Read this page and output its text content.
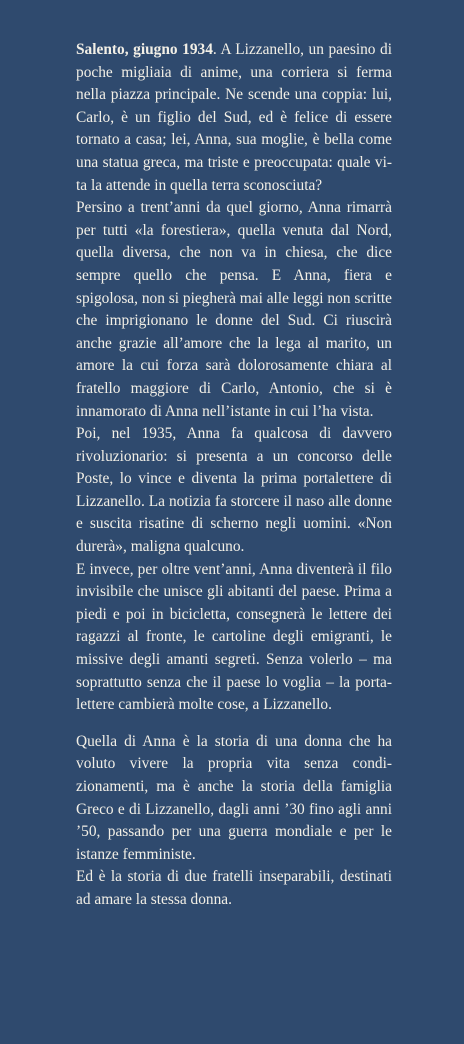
Salento, giugno 1934. A Lizzanello, un paesino di poche migliaia di anime, una corriera si ferma nella piazza principale. Ne scende una coppia: lui, Carlo, è un figlio del Sud, ed è felice di essere tornato a casa; lei, Anna, sua moglie, è bella come una statua greca, ma triste e preoccupata: quale vita la attende in quella terra sconosciuta?

Persino a trent’anni da quel giorno, Anna rimarrà per tutti «la forestiera», quella venuta dal Nord, quella diversa, che non va in chiesa, che dice sempre quello che pensa. E Anna, fiera e spigolosa, non si piegherà mai alle leggi non scritte che imprigionano le donne del Sud. Ci riuscirà anche grazie all’amore che la lega al marito, un amore la cui forza sarà dolorosamente chiara al fratello maggiore di Carlo, Antonio, che si è innamorato di Anna nell’istante in cui l’ha vista.

Poi, nel 1935, Anna fa qualcosa di davvero rivoluzionario: si presenta a un concorso delle Poste, lo vince e diventa la prima portalettere di Lizzanello. La notizia fa storcere il naso alle donne e suscita risatine di scherno negli uomini. «Non durerà», maligna qualcuno.

E invece, per oltre vent’anni, Anna diventerà il filo invisibile che unisce gli abitanti del paese. Prima a piedi e poi in bicicletta, consegnerà le lettere dei ragazzi al fronte, le cartoline degli emigranti, le missive degli amanti segreti. Senza volerlo – ma soprattutto senza che il paese lo voglia – la portalettere cambierà molte cose, a Lizzanello.

Quella di Anna è la storia di una donna che ha voluto vivere la propria vita senza condizionamenti, ma è anche la storia della famiglia Greco e di Lizzanello, dagli anni ’30 fino agli anni ’50, passando per una guerra mondiale e per le istanze femministe.

Ed è la storia di due fratelli inseparabili, destinati ad amare la stessa donna.
